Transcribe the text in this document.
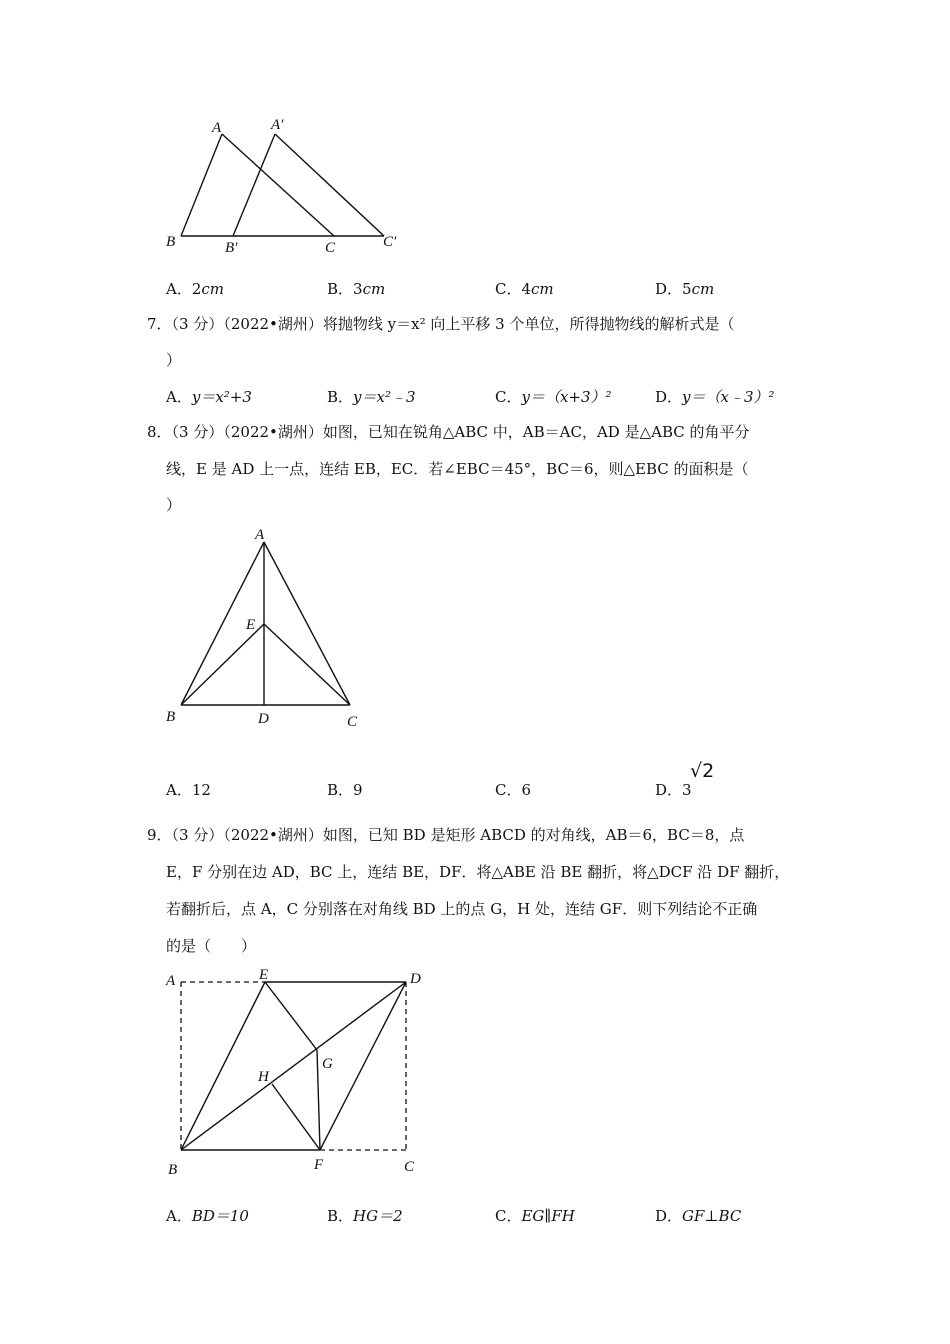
A	A′
B	B′	C	C′
A．2cm	B．3cm	C．4cm	D．5cm
7．（3 分）（2022•湖州）将抛物线 y＝x² 向上平移 3 个单位，所得抛物线的解析式是（
）
A．y＝x²+3	B．y＝x²﹣3	C．y＝（x+3）²	D．y＝（x﹣3）²
8．（3 分）（2022•湖州）如图，已知在锐角△ABC 中，AB＝AC，AD 是△ABC 的角平分
线，E 是 AD 上一点，连结 EB，EC．若∠EBC＝45°，BC＝6，则△EBC 的面积是（
）
A
E
B	D	C
A．12	B．9	C．6	D．3
√2
9．（3 分）（2022•湖州）如图，已知 BD 是矩形 ABCD 的对角线，AB＝6，BC＝8，点
E，F 分别在边 AD，BC 上，连结 BE，DF．将△ABE 沿 BE 翻折，将△DCF 沿 DF 翻折，
若翻折后，点 A，C 分别落在对角线 BD 上的点 G，H 处，连结 GF．则下列结论不正确
的是（　　）
A	E	D
G
H
B	F	C
A．BD＝10	B．HG＝2	C．EG∥FH	D．GF⊥BC
